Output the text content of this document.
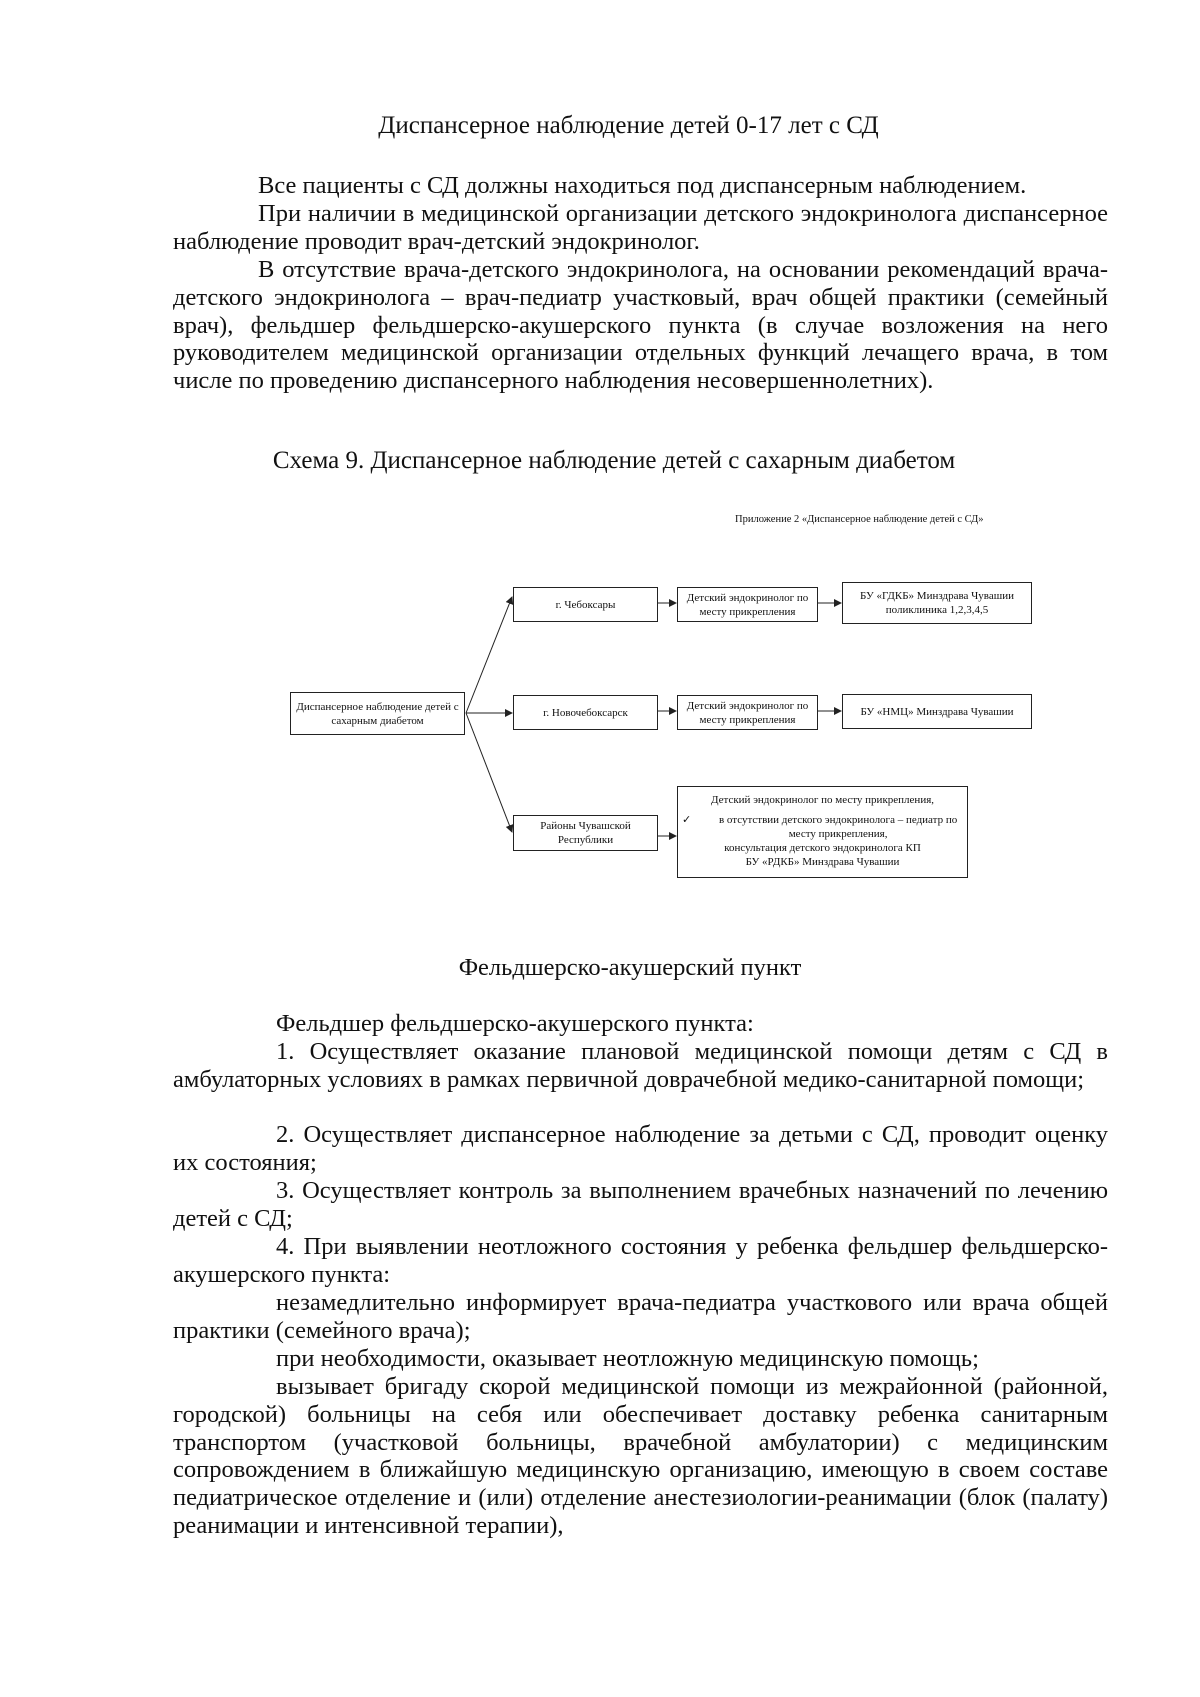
Диспансерное наблюдение детей 0-17 лет с СД

Все пациенты с СД должны находиться под диспансерным наблюдением.

При наличии в медицинской организации детского эндокринолога диспансерное наблюдение проводит врач-детский эндокринолог.

В отсутствие врача-детского эндокринолога, на основании рекомендаций врача-детского эндокринолога – врач-педиатр участковый, врач общей практики (семейный врач), фельдшер фельдшерско-акушерского пункта (в случае возложения на него руководителем медицинской организации отдельных функций лечащего врача, в том числе по проведению диспансерного наблюдения несовершеннолетних).

Схема 9. Диспансерное наблюдение детей с сахарным диабетом

Приложение 2 «Диспансерное наблюдение детей с СД»
Диспансерное наблюдение детей с сахарным диабетом
г. Чебоксары
г. Новочебоксарск
Районы Чувашской Республики
Детский эндокринолог по месту прикрепления
Детский эндокринолог по месту прикрепления
БУ «ГДКБ» Минздрава Чувашии поликлиника 1,2,3,4,5
БУ «НМЦ» Минздрава Чувашии
Детский эндокринолог по месту прикрепления,
✓	в отсутствии детского эндокринолога – педиатр по месту прикрепления,
консультация детского эндокринолога КП
БУ «РДКБ» Минздрава Чувашии

Фельдшерско-акушерский пункт

Фельдшер фельдшерско-акушерского пункта:

1. Осуществляет оказание плановой медицинской помощи детям с СД в амбулаторных условиях в рамках первичной доврачебной медико-санитарной помощи;

2. Осуществляет диспансерное наблюдение за детьми с СД, проводит оценку их состояния;

3. Осуществляет контроль за выполнением врачебных назначений по лечению детей с СД;

4. При выявлении неотложного состояния у ребенка фельдшер фельдшерско-акушерского пункта:

незамедлительно информирует врача-педиатра участкового или врача общей практики (семейного врача);

при необходимости, оказывает неотложную медицинскую помощь;

вызывает бригаду скорой медицинской помощи из межрайонной (районной, городской) больницы на себя или обеспечивает доставку ребенка санитарным транспортом (участковой больницы, врачебной амбулатории) с медицинским сопровождением в ближайшую медицинскую организацию, имеющую в своем составе педиатрическое отделение и (или) отделение анестезиологии-реанимации (блок (палату) реанимации и интенсивной терапии),
